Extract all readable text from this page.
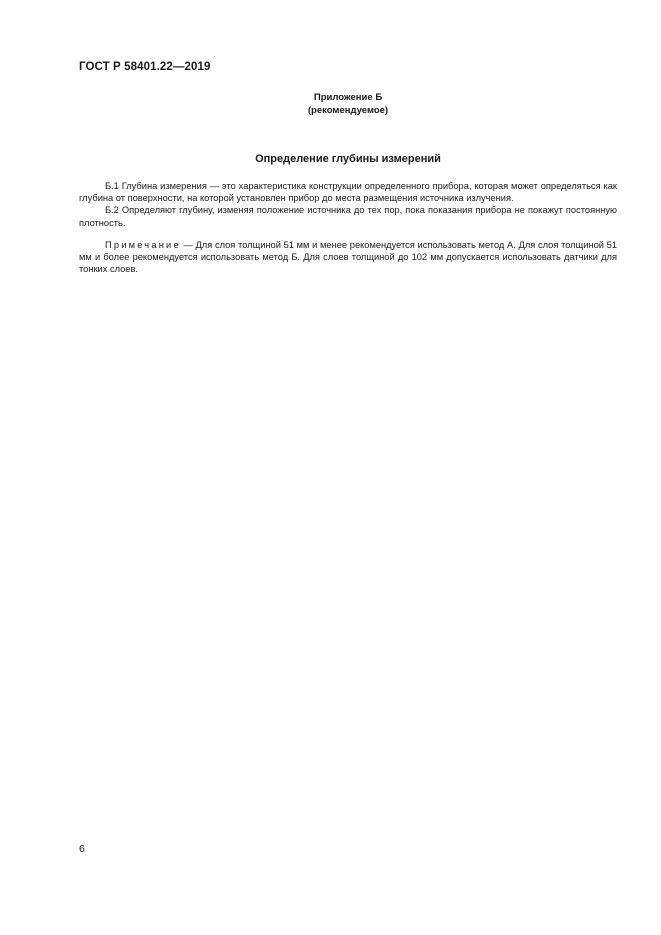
ГОСТ Р 58401.22—2019
Приложение Б
(рекомендуемое)
Определение глубины измерений

Б.1 Глубина измерения — это характеристика конструкции определенного прибора, которая может определяться как глубина от поверхности, на которой установлен прибор до места размещения источника излучения.

Б.2 Определяют глубину, изменяя положение источника до тех пор, пока показания прибора не покажут постоянную плотность.

Примечание — Для слоя толщиной 51 мм и менее рекомендуется использовать метод А. Для слоя толщиной 51 мм и более рекомендуется использовать метод Б. Для слоев толщиной до 102 мм допускается использовать датчики для тонких слоев.

6
